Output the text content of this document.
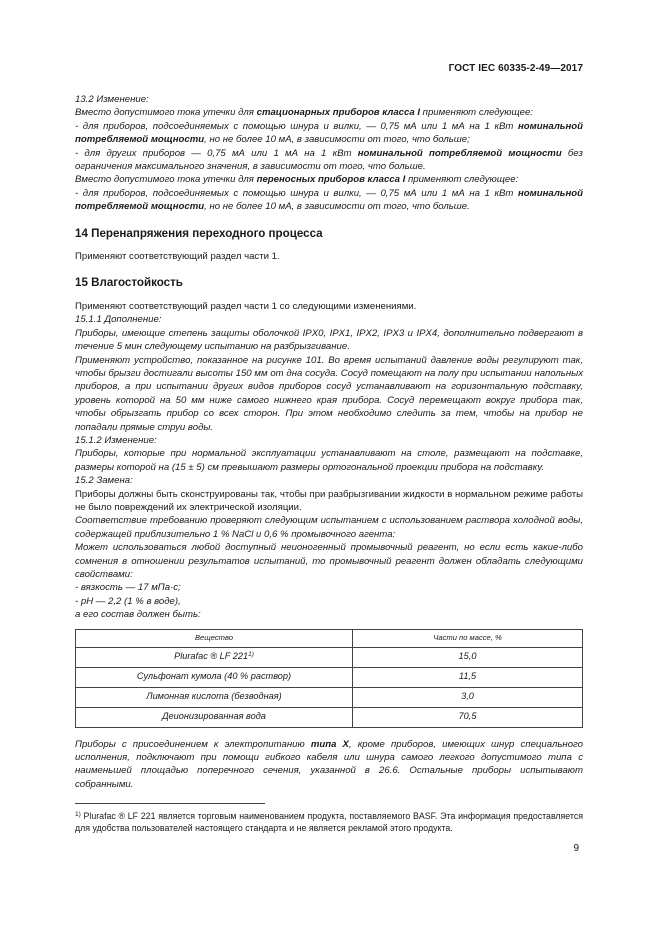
ГОСТ IEC 60335-2-49—2017

13.2 Изменение:

Вместо допустимого тока утечки для стационарных приборов класса I применяют следующее:

- для приборов, подсоединяемых с помощью шнура и вилки, — 0,75 мА или 1 мА на 1 кВт номинальной потребляемой мощности, но не более 10 мА, в зависимости от того, что больше;

- для других приборов — 0,75 мА или 1 мА на 1 кВт номинальной потребляемой мощности без ограничения максимального значения, в зависимости от того, что больше.

Вместо допустимого тока утечки для переносных приборов класса I применяют следующее:

- для приборов, подсоединяемых с помощью шнура и вилки, — 0,75 мА или 1 мА на 1 кВт номинальной потребляемой мощности, но не более 10 мА, в зависимости от того, что больше.

14 Перенапряжения переходного процесса

Применяют соответствующий раздел части 1.

15 Влагостойкость

Применяют соответствующий раздел части 1 со следующими изменениями.

15.1.1 Дополнение:

Приборы, имеющие степень защиты оболочкой IPX0, IPX1, IPX2, IPX3 и IPX4, дополнительно подвергают в течение 5 мин следующему испытанию на разбрызгивание.

Применяют устройство, показанное на рисунке 101. Во время испытаний давление воды регулируют так, чтобы брызги достигали высоты 150 мм от дна сосуда. Сосуд помещают на полу при испытании напольных приборов, а при испытании других видов приборов сосуд устанавливают на горизонтальную подставку, уровень которой на 50 мм ниже самого нижнего края прибора. Сосуд перемещают вокруг прибора так, чтобы обрызгать прибор со всех сторон. При этом необходимо следить за тем, чтобы на прибор не попадали прямые струи воды.

15.1.2 Изменение:

Приборы, которые при нормальной эксплуатации устанавливают на столе, размещают на подставке, размеры которой на (15 ± 5) см превышают размеры ортогональной проекции прибора на подставку.

15.2 Замена:

Приборы должны быть сконструированы так, чтобы при разбрызгивании жидкости в нормальном режиме работы не было повреждений их электрической изоляции.

Соответствие требованию проверяют следующим испытанием с использованием раствора холодной воды, содержащей приблизительно 1 % NaCl и 0,6 % промывочного агента:

Может использоваться любой доступный неионогенный промывочный реагент, но если есть какие-либо сомнения в отношении результатов испытаний, то промывочный реагент должен обладать следующими свойствами:

- вязкость — 17 мПа·с;

- pH — 2,2 (1 % в воде),

а его состав должен быть:

Вещество	Части по массе, %
Plurafac ® LF 221$^{1)}$	15,0
Сульфонат кумола (40 % раствор)	11,5
Лимонная кислота (безводная)	3,0
Деионизированная вода	70,5

Приборы с присоединением к электропитанию типа X, кроме приборов, имеющих шнур специального исполнения, подключают при помощи гибкого кабеля или шнура самого легкого допустимого типа с наименьшей площадью поперечного сечения, указанной в 26.6. Остальные приборы испытывают собранными.

$^{1)}$ Plurafac ® LF 221 является торговым наименованием продукта, поставляемого BASF. Эта информация предоставляется для удобства пользователей настоящего стандарта и не является рекламой этого продукта.

9
